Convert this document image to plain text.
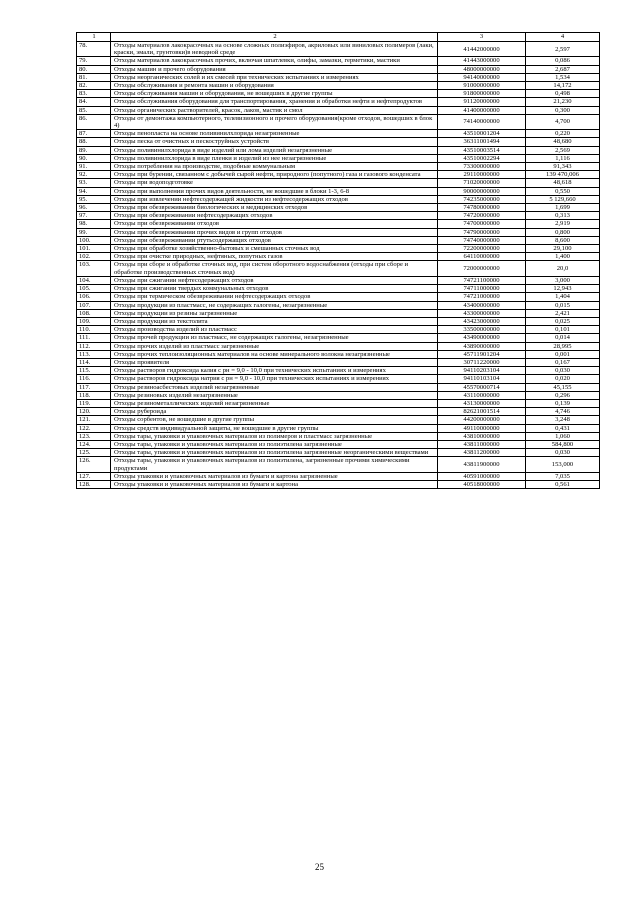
1	2	3	4
78.	Отходы материалов лакокрасочных на основе сложных полиэфиров, акриловых или виниловых полимеров (лаки, краски, эмали, грунтовки)в неводной среде	41442000000	2,597
79.	Отходы материалов лакокрасочных прочих, включая шпатлевки, олифы, замазки, герметики, мастики	41443000000	0,086
80.	Отходы машин и прочего оборудования	48000000000	2,687
81.	Отходы неорганических солей и их смесей при технических испытаниях и измерениях	94140000000	1,534
82.	Отходы обслуживания и ремонта машин и оборудования	91000000000	14,172
83.	Отходы обслуживания машин и оборудования, не вошедших в другие группы	91800000000	0,498
84.	Отходы обслуживания оборудования для транспортирования, хранения и обработки нефти и нефтепродуктов	91120000000	21,230
85.	Отходы органических растворителей, красок, лаков, мастик и смол	41400000000	0,300
86.	Отходы от демонтажа компьютерного, телевизионного и прочего оборудования(кроме отходов, вошедших в блок 4)	74140000000	4,700
87.	Отходы пенопласта на основе поливинилхлорида незагрязненные	43510001204	0,220
88.	Отходы песка от очистных и пескоструйных устройств	36311001494	48,680
89.	Отходы поливинилхлорида в виде изделий или лома изделий незагрязненные	43510003514	2,569
90.	Отходы поливинилхлорида в виде пленки и изделий из нее незагрязненные	43510002294	1,116
91.	Отходы потребления на производстве, подобные коммунальным	73300000000	91,343
92.	Отходы при бурении, связанном с добычей сырой нефти, природного (попутного) газа и газового конденсата	29110000000	139 470,006
93.	Отходы при водоподготовке	71020000000	48,618
94.	Отходы при выполнении прочих видов деятельности, не вошедшие в блоки 1-3, 6-8	90000000000	0,550
95.	Отходы при извлечении нефтесодержащей жидкости из нефтесодержащих отходов	74235000000	5 129,660
96.	Отходы при обезвреживании биологических и медицинских отходов	74780000000	1,699
97.	Отходы при обезвреживании нефтесодержащих отходов	74720000000	0,313
98.	Отходы при обезвреживании отходов	74700000000	2,919
99.	Отходы при обезвреживании прочих видов и групп отходов	74790000000	0,800
100.	Отходы при обезвреживании ртутьсодержащих отходов	74740000000	8,600
101.	Отходы при обработке хозяйственно-бытовых и смешанных сточных вод	72200000000	29,100
102.	Отходы при очистке природных, нефтяных, попутных газов	64110000000	1,400
103.	Отходы при сборе и обработке сточных вод, при систем оборотного водоснабжения (отходы при сборе и обработке производственных сточных вод)	72000000000	20,0
104.	Отходы при сжигании нефтесодержащих отходов	74721100000	3,000
105.	Отходы при сжигании твердых коммунальных отходов	74711000000	12,943
106.	Отходы при термическом обезвреживании нефтесодержащих отходов	74721000000	1,404
107.	Отходы продукции из пластмасс, не содержащих галогены, незагрязненные	43400000000	0,015
108.	Отходы продукции из резины загрязненные	43300000000	2,421
109.	Отходы продукции из текстолита	43423000000	0,025
110.	Отходы производства изделий из пластмасс	33500000000	0,101
111.	Отходы прочей продукции из пластмасс, не содержащих галогены, незагрязненные	43490000000	0,014
112.	Отходы прочих изделий из пластмасс загрязненные	43890000000	28,995
113.	Отходы прочих теплоизоляционных материалов на основе минерального волокна незагрязненные	45711901204	0,001
114.	Отходы проявителя	30711220000	0,167
115.	Отходы растворов гидроксида калия с рн = 9,0 - 10,0 при технических испытаниях и измерениях	94110203104	0,030
116.	Отходы растворов гидроксида натрия с рн = 9,0 - 10,0 при технических испытаниях и измерениях	94110103104	0,020
117.	Отходы резиноасбестовых изделий незагрязненные	45570000714	45,155
118.	Отходы резиновых изделий незагрязненные	43110000000	0,296
119.	Отходы резинометаллических изделий незагрязненные	43130000000	0,139
120.	Отходы рубероида	82621001514	4,746
121.	Отходы сорбентов, не вошедшие в другие группы	44200000000	3,248
122.	Отходы средств индивидуальной защиты, не вошедшие в другие группы	49110000000	0,431
123.	Отходы тары, упаковки и упаковочных материалов из полимеров и пластмасс загрязненные	43810000000	1,060
124.	Отходы тары, упаковки и упаковочных материалов из полиэтилена загрязненные	43811000000	584,800
125.	Отходы тары, упаковки и упаковочных материалов из полиэтилена загрязненные неорганическими веществами	43811200000	0,030
126.	Отходы тары, упаковки и упаковочных материалов из полиэтилена, загрязненные прочими химическими продуктами	43811900000	153,000
127.	Отходы упаковки и упаковочных материалов из бумаги и картона загрязненные	40591000000	7,035
128.	Отходы упаковки и упаковочных материалов из бумаги и картона	40518000000	0,561
25
